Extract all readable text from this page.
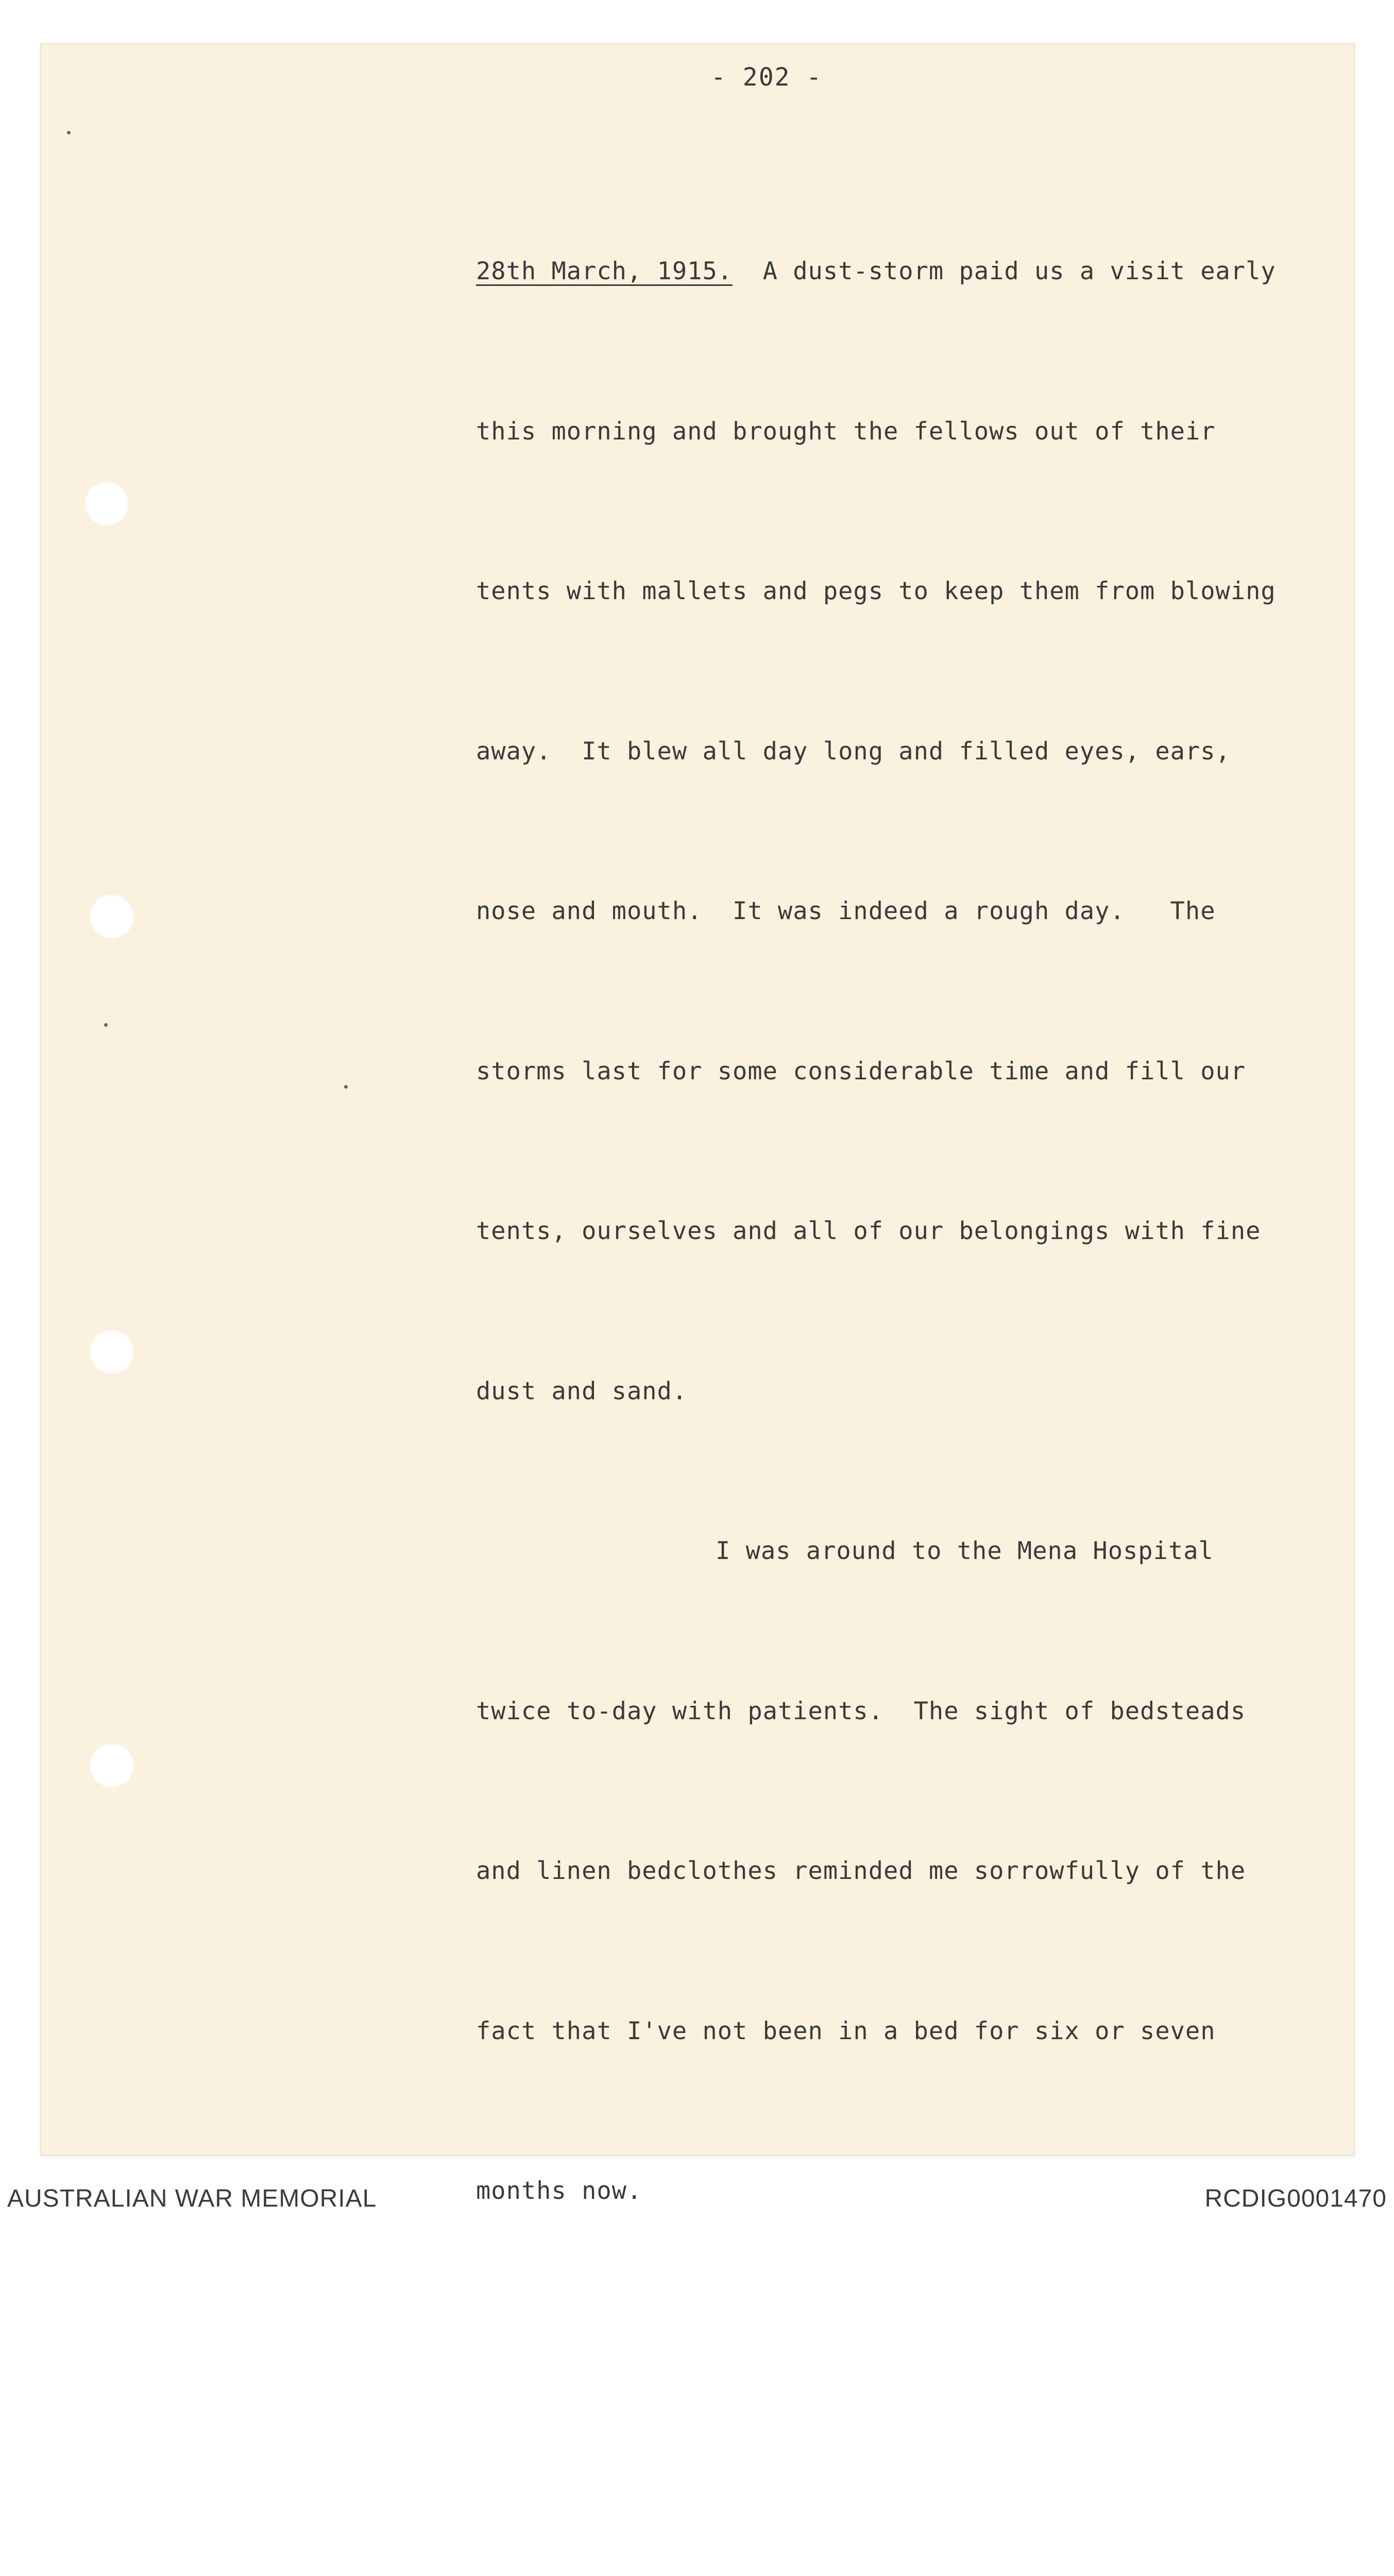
- 202 -

28th March, 1915.  A dust-storm paid us a visit early

this morning and brought the fellows out of their

tents with mallets and pegs to keep them from blowing

away.  It blew all day long and filled eyes, ears,

nose and mouth.  It was indeed a rough day.   The

storms last for some considerable time and fill our

tents, ourselves and all of our belongings with fine

dust and sand.

I was around to the Mena Hospital

twice to-day with patients.  The sight of bedsteads

and linen bedclothes reminded me sorrowfully of the

fact that I've not been in a bed for six or seven

months now.

AUSTRALIAN WAR MEMORIAL	RCDIG0001470
